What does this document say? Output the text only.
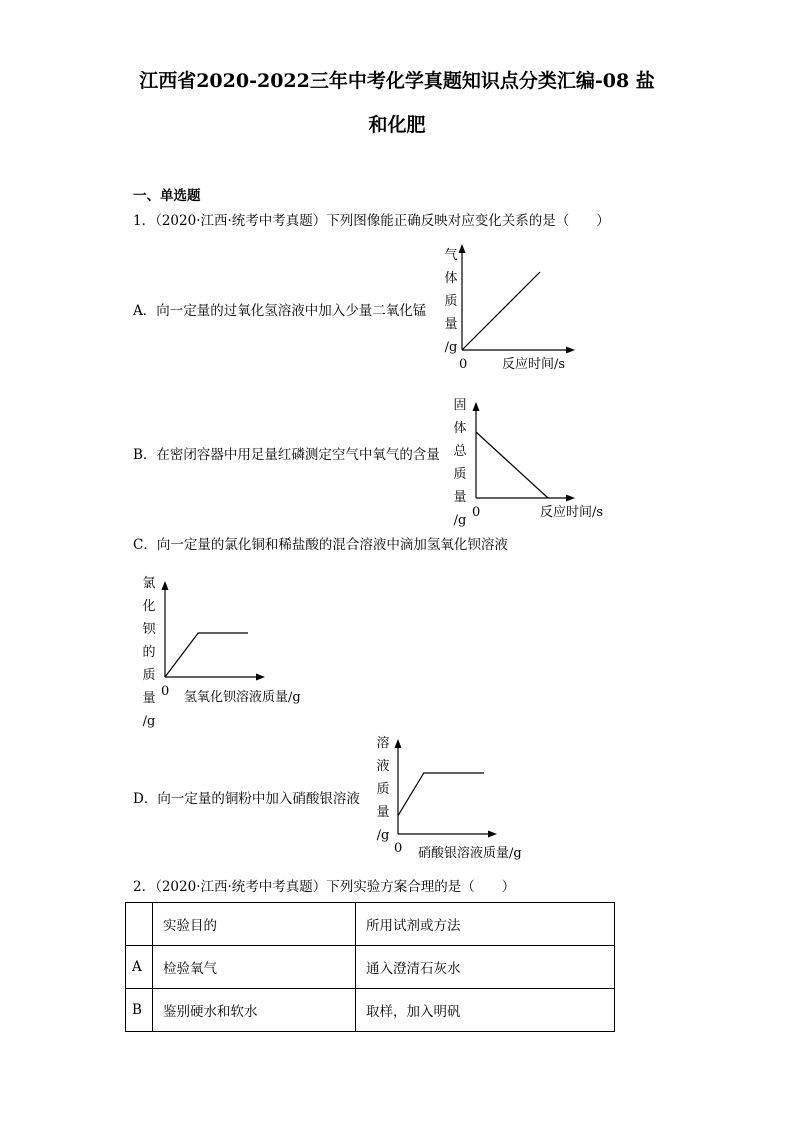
江西省2020-2022三年中考化学真题知识点分类汇编-08 盐
和化肥
一、单选题
1．（2020·江西·统考中考真题）下列图像能正确反映对应变化关系的是（　　）
A．向一定量的过氧化氢溶液中加入少量二氧化锰
B．在密闭容器中用足量红磷测定空气中氧气的含量
C．向一定量的氯化铜和稀盐酸的混合溶液中滴加氢氧化钡溶液
D．向一定量的铜粉中加入硝酸银溶液
气
体
质
量
/g
0	反应时间/s
固
体
总
质
量
/g
0	反应时间/s
氯
化
钡
的
质
量
/g
0 氢氧化钡溶液质量/g
溶
液
质
量
/g
0 硝酸银溶液质量/g
2．（2020·江西·统考中考真题）下列实验方案合理的是（　　）
	实验目的	所用试剂或方法
A	检验氧气	通入澄清石灰水
B	鉴别硬水和软水	取样，加入明矾
